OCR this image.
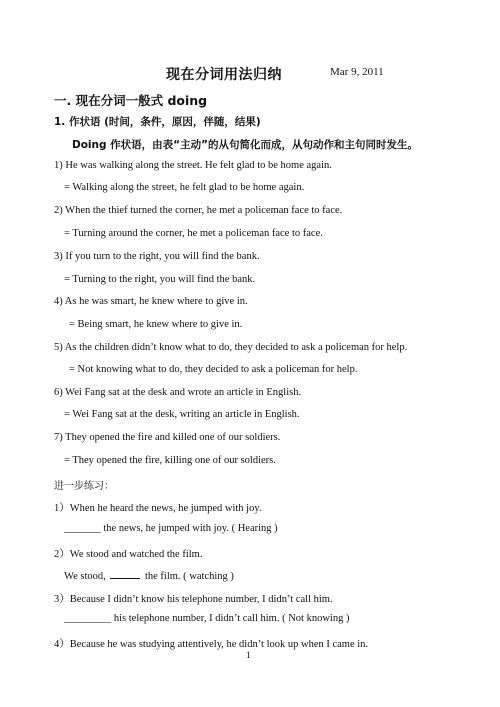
现在分词用法归纳	Mar 9, 2011
一. 现在分词一般式 doing
1. 作状语 (时间，条件，原因，伴随，结果)
Doing 作状语，由表“主动”的从句简化而成，从句动作和主句同时发生。
1) He was walking along the street. He felt glad to be home again.
= Walking along the street, he felt glad to be home again.
2) When the thief turned the corner, he met a policeman face to face.
= Turning around the corner, he met a policeman face to face.
3) If you turn to the right, you will find the bank.
= Turning to the right, you will find the bank.
4) As he was smart, he knew where to give in.
= Being smart, he knew where to give in.
5) As the children didn’t know what to do, they decided to ask a policeman for help.
= Not knowing what to do, they decided to ask a policeman for help.
6) Wei Fang sat at the desk and wrote an article in English.
= Wei Fang sat at the desk, writing an article in English.
7) They opened the fire and killed one of our soldiers.
= They opened the fire, killing one of our soldiers.
进一步练习：
1）When he heard the news, he jumped with joy.
_______ the news, he jumped with joy. ( Hearing )
2）We stood and watched the film.
We stood,	the film. ( watching )
3）Because I didn’t know his telephone number, I didn’t call him.
_________ his telephone number, I didn’t call him. ( Not knowing )
4）Because he was studying attentively, he didn’t look up when I came in.
1
